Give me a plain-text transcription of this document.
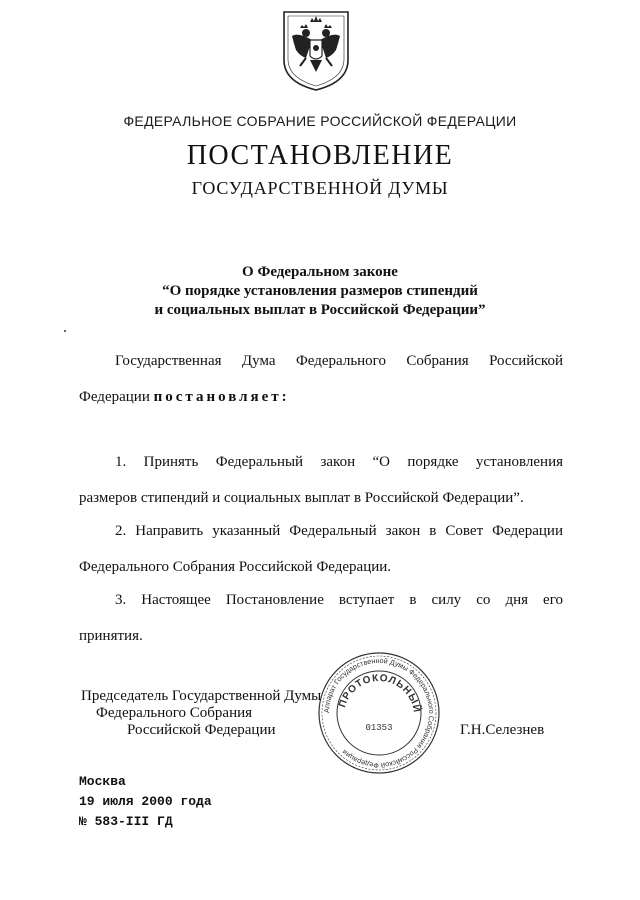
ФЕДЕРАЛЬНОЕ СОБРАНИЕ РОССИЙСКОЙ ФЕДЕРАЦИИ
ПОСТАНОВЛЕНИЕ
ГОСУДАРСТВЕННОЙ ДУМЫ
О Федеральном законе
“О порядке установления размеров стипендий
и социальных выплат в Российской Федерации”
Государственная Дума Федерального Собрания Российской
Федерации постановляет:
1. Принять Федеральный закон “О порядке установления
размеров стипендий и социальных выплат в Российской Федерации”.
2. Направить указанный Федеральный закон в Совет Федерации
Федерального Собрания Российской Федерации.
3. Настоящее Постановление вступает в силу со дня его
принятия.
Аппарат Государственной Думы Федерального Собрания Российской Федерации
ПРОТОКОЛЬНЫЙ
01353
Председатель Государственной Думы
Федерального Собрания
Российской Федерации	Г.Н.Селезнев
Москва
19 июля 2000 года
№ 583-III ГД
